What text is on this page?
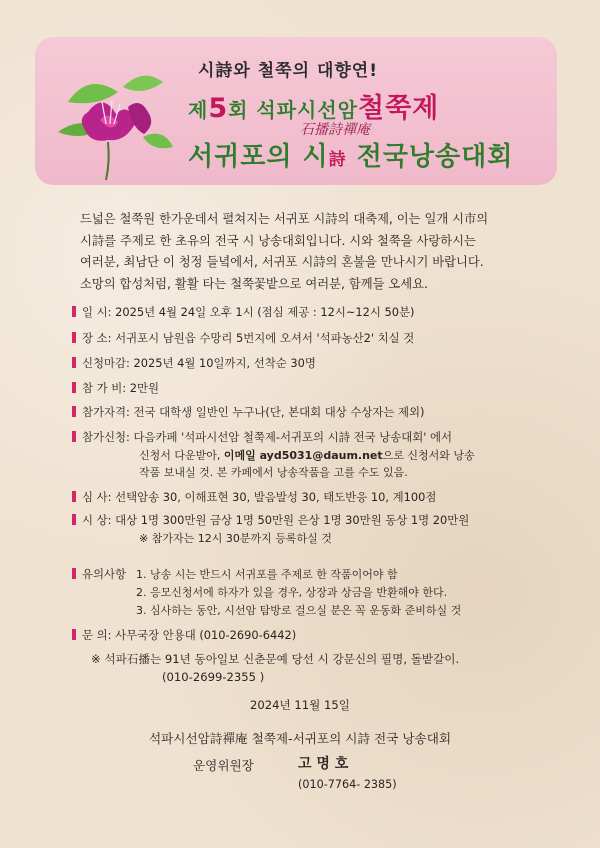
시詩와 철쭉의 대향연!
제5회 석파시선암철쭉제
石播詩禪庵
서귀포의 시詩 전국낭송대회
드넓은 철쭉원 한가운데서 펼쳐지는 서귀포 시詩의 대축제, 이는 일개 시市의
시詩를 주제로 한 초유의 전국 시 낭송대회입니다. 시와 철쭉을 사랑하시는
여러분, 최남단 이 청정 들녘에서, 서귀포 시詩의 혼불을 만나시기 바랍니다.
소망의 합성처럼, 활활 타는 철쭉꽃밭으로 여러분, 함께들 오세요.
일 시: 2025년 4월 24일 오후 1시 (점심 제공 : 12시~12시 50분)
장 소: 서귀포시 남원읍 수망리 5번지에 오셔서 '석파농산2' 치실 것
신청마감: 2025년 4월 10일까지, 선착순 30명
참 가 비: 2만원
참가자격: 전국 대학생 일반인 누구나(단, 본대회 대상 수상자는 제외)
참가신청: 다음카페 '석파시선암 철쭉제-서귀포의 시詩 전국 낭송대회' 에서
신청서 다운받아, 이메일 ayd5031@daum.net으로 신청서와 낭송
작품 보내실 것. 본 카페에서 낭송작품을 고를 수도 있음.
심 사: 선택암송 30, 이해표현 30, 발음발성 30, 태도반응 10, 계100점
시 상: 대상 1명 300만원 금상 1명 50만원 은상 1명 30만원 동상 1명 20만원
※ 참가자는 12시 30분까지 등록하실 것
유의사항 1. 낭송 시는 반드시 서귀포를 주제로 한 작품이어야 함
2. 응모신청서에 하자가 있을 경우, 상장과 상금을 반환해야 한다.
3. 심사하는 동안, 시선암 탐방로 걸으실 분은 꼭 운동화 준비하실 것
문 의: 사무국장 안용대 (010-2690-6442)
※ 석파石播는 91년 동아일보 신춘문예 당선 시 강문신의 필명, 돌밭갈이.
(010-2699-2355 )
2024년 11월 15일
석파시선암詩禪庵 철쭉제-서귀포의 시詩 전국 낭송대회
운영위원장	고 명 호
(010-7764- 2385)
